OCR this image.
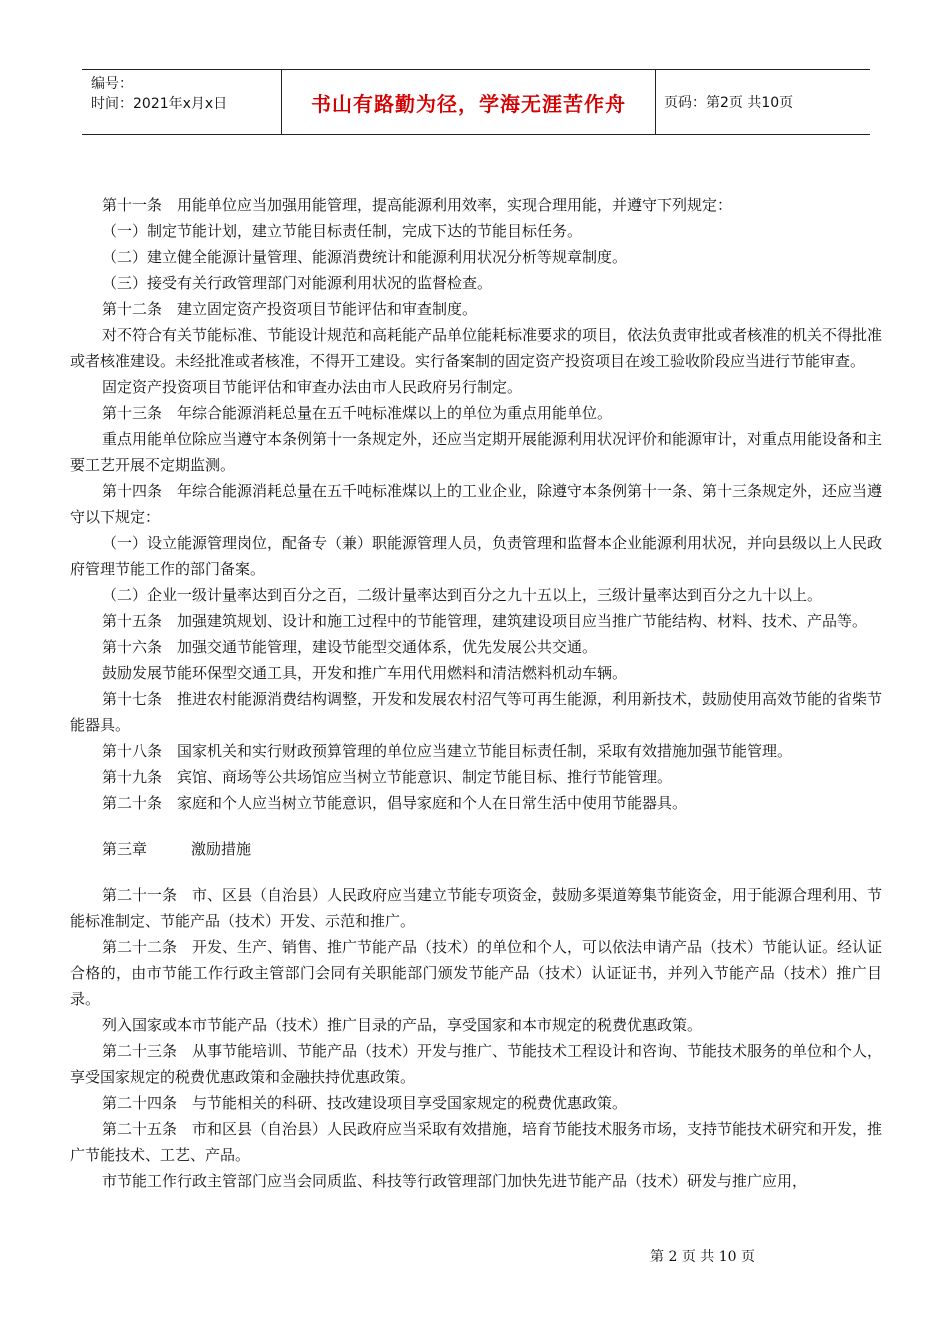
编号：
时间：2021年x月x日	书山有路勤为径，学海无涯苦作舟	页码：第2页 共10页

第十一条　用能单位应当加强用能管理，提高能源利用效率，实现合理用能，并遵守下列规定：

（一）制定节能计划，建立节能目标责任制，完成下达的节能目标任务。

（二）建立健全能源计量管理、能源消费统计和能源利用状况分析等规章制度。

（三）接受有关行政管理部门对能源利用状况的监督检查。

第十二条　建立固定资产投资项目节能评估和审查制度。

对不符合有关节能标准、节能设计规范和高耗能产品单位能耗标准要求的项目，依法负责审批或者核准的机关不得批准或者核准建设。未经批准或者核准，不得开工建设。实行备案制的固定资产投资项目在竣工验收阶段应当进行节能审查。

固定资产投资项目节能评估和审查办法由市人民政府另行制定。

第十三条　年综合能源消耗总量在五千吨标准煤以上的单位为重点用能单位。

重点用能单位除应当遵守本条例第十一条规定外，还应当定期开展能源利用状况评价和能源审计，对重点用能设备和主要工艺开展不定期监测。

第十四条　年综合能源消耗总量在五千吨标准煤以上的工业企业，除遵守本条例第十一条、第十三条规定外，还应当遵守以下规定：

（一）设立能源管理岗位，配备专（兼）职能源管理人员，负责管理和监督本企业能源利用状况，并向县级以上人民政府管理节能工作的部门备案。

（二）企业一级计量率达到百分之百，二级计量率达到百分之九十五以上，三级计量率达到百分之九十以上。

第十五条　加强建筑规划、设计和施工过程中的节能管理，建筑建设项目应当推广节能结构、材料、技术、产品等。

第十六条　加强交通节能管理，建设节能型交通体系，优先发展公共交通。

鼓励发展节能环保型交通工具，开发和推广车用代用燃料和清洁燃料机动车辆。

第十七条　推进农村能源消费结构调整，开发和发展农村沼气等可再生能源，利用新技术，鼓励使用高效节能的省柴节能器具。

第十八条　国家机关和实行财政预算管理的单位应当建立节能目标责任制，采取有效措施加强节能管理。

第十九条　宾馆、商场等公共场馆应当树立节能意识、制定节能目标、推行节能管理。

第二十条　家庭和个人应当树立节能意识，倡导家庭和个人在日常生活中使用节能器具。

第三章	激励措施

第二十一条　市、区县（自治县）人民政府应当建立节能专项资金，鼓励多渠道筹集节能资金，用于能源合理利用、节能标准制定、节能产品（技术）开发、示范和推广。

第二十二条　开发、生产、销售、推广节能产品（技术）的单位和个人，可以依法申请产品（技术）节能认证。经认证合格的，由市节能工作行政主管部门会同有关职能部门颁发节能产品（技术）认证证书，并列入节能产品（技术）推广目录。

列入国家或本市节能产品（技术）推广目录的产品，享受国家和本市规定的税费优惠政策。

第二十三条　从事节能培训、节能产品（技术）开发与推广、节能技术工程设计和咨询、节能技术服务的单位和个人，享受国家规定的税费优惠政策和金融扶持优惠政策。

第二十四条　与节能相关的科研、技改建设项目享受国家规定的税费优惠政策。

第二十五条　市和区县（自治县）人民政府应当采取有效措施，培育节能技术服务市场，支持节能技术研究和开发，推广节能技术、工艺、产品。

市节能工作行政主管部门应当会同质监、科技等行政管理部门加快先进节能产品（技术）研发与推广应用，

第 2 页 共 10 页
